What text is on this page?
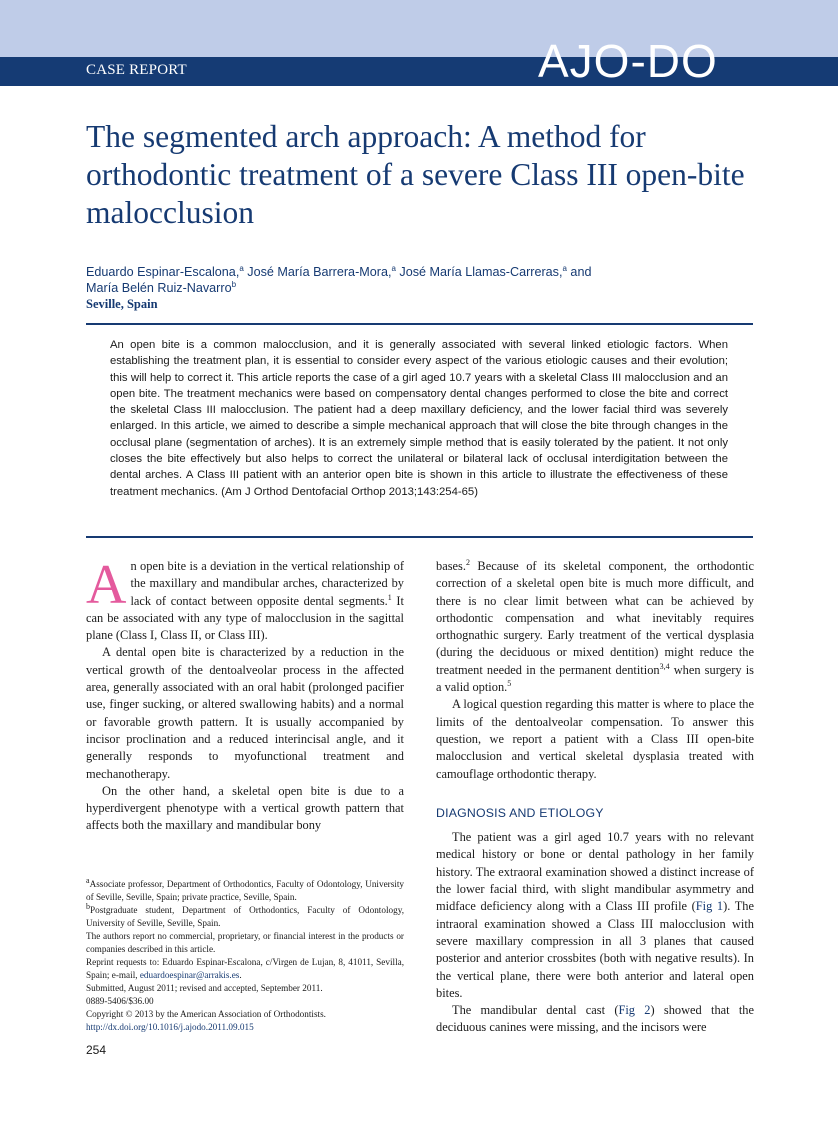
CASE REPORT	AJO-DO
The segmented arch approach: A method for orthodontic treatment of a severe Class III open-bite malocclusion
Eduardo Espinar-Escalona,$^a$ José María Barrera-Mora,$^a$ José María Llamas-Carreras,$^a$ and
María Belén Ruiz-Navarro$^b$
Seville, Spain

An open bite is a common malocclusion, and it is generally associated with several linked etiologic factors. When establishing the treatment plan, it is essential to consider every aspect of the various etiologic causes and their evolution; this will help to correct it. This article reports the case of a girl aged 10.7 years with a skeletal Class III malocclusion and an open bite. The treatment mechanics were based on compensatory dental changes performed to close the bite and correct the skeletal Class III malocclusion. The patient had a deep maxillary deficiency, and the lower facial third was severely enlarged. In this article, we aimed to describe a simple mechanical approach that will close the bite through changes in the occlusal plane (segmentation of arches). It is an extremely simple method that is easily tolerated by the patient. It not only closes the bite effectively but also helps to correct the unilateral or bilateral lack of occlusal interdigitation between the dental arches. A Class III patient with an anterior open bite is shown in this article to illustrate the effectiveness of these treatment mechanics. (Am J Orthod Dentofacial Orthop 2013;143:254-65)

An open bite is a deviation in the vertical relationship of the maxillary and mandibular arches, characterized by lack of contact between opposite dental segments.$^1$ It can be associated with any type of malocclusion in the sagittal plane (Class I, Class II, or Class III).

A dental open bite is characterized by a reduction in the vertical growth of the dentoalveolar process in the affected area, generally associated with an oral habit (prolonged pacifier use, finger sucking, or altered swallowing habits) and a normal or favorable growth pattern. It is usually accompanied by incisor proclination and a reduced interincisal angle, and it generally responds to myofunctional treatment and mechanotherapy.

On the other hand, a skeletal open bite is due to a hyperdivergent phenotype with a vertical growth pattern that affects both the maxillary and mandibular bony

bases.$^2$ Because of its skeletal component, the orthodontic correction of a skeletal open bite is much more difficult, and there is no clear limit between what can be achieved by orthodontic compensation and what inevitably requires orthognathic surgery. Early treatment of the vertical dysplasia (during the deciduous or mixed dentition) might reduce the treatment needed in the permanent dentition$^{3,4}$ when surgery is a valid option.$^5$

A logical question regarding this matter is where to place the limits of the dentoalveolar compensation. To answer this question, we report a patient with a Class III open-bite malocclusion and vertical skeletal dysplasia treated with camouflage orthodontic therapy.

DIAGNOSIS AND ETIOLOGY

The patient was a girl aged 10.7 years with no relevant medical history or bone or dental pathology in her family history. The extraoral examination showed a distinct increase of the lower facial third, with slight mandibular asymmetry and midface deficiency along with a Class III profile (Fig 1). The intraoral examination showed a Class III malocclusion with severe maxillary compression in all 3 planes that caused posterior and anterior crossbites (both with negative results). In the vertical plane, there were both anterior and lateral open bites.

The mandibular dental cast (Fig 2) showed that the deciduous canines were missing, and the incisors were

$^a$Associate professor, Department of Orthodontics, Faculty of Odontology, University of Seville, Seville, Spain; private practice, Seville, Spain.
$^b$Postgraduate student, Department of Orthodontics, Faculty of Odontology, University of Seville, Seville, Spain.
The authors report no commercial, proprietary, or financial interest in the products or companies described in this article.
Reprint requests to: Eduardo Espinar-Escalona, c/Virgen de Lujan, 8, 41011, Sevilla, Spain; e-mail, eduardoespinar@arrakis.es.
Submitted, August 2011; revised and accepted, September 2011.
0889-5406/$36.00
Copyright © 2013 by the American Association of Orthodontists.
http://dx.doi.org/10.1016/j.ajodo.2011.09.015
254
